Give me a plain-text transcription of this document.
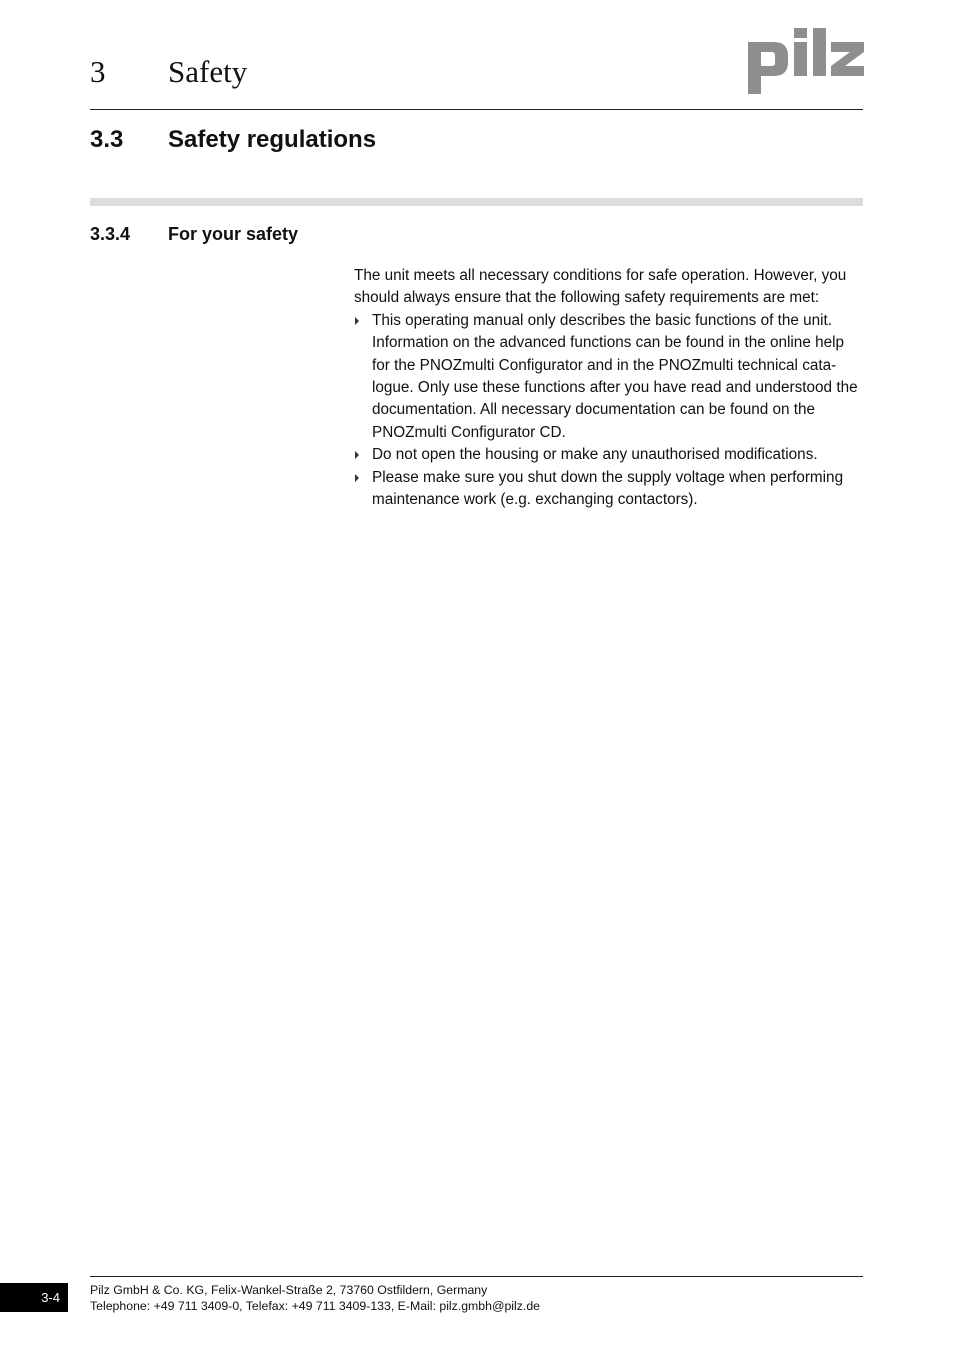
3 Safety
3.3 Safety regulations
3.3.4 For your safety

The unit meets all necessary conditions for safe operation. However, you should always ensure that the following safety requirements are met:

This operating manual only describes the basic functions of the unit. Information on the advanced functions can be found in the online help for the PNOZmulti Configurator and in the PNOZmulti technical cata-logue. Only use these functions after you have read and understood the documentation. All necessary documentation can be found on the PNOZmulti Configurator CD.
Do not open the housing or make any unauthorised modifications.
Please make sure you shut down the supply voltage when performing maintenance work (e.g. exchanging contactors).
3-4	Pilz GmbH & Co. KG, Felix-Wankel-Straße 2, 73760 Ostfildern, Germany
Telephone: +49 711 3409-0, Telefax: +49 711 3409-133, E-Mail: pilz.gmbh@pilz.de
